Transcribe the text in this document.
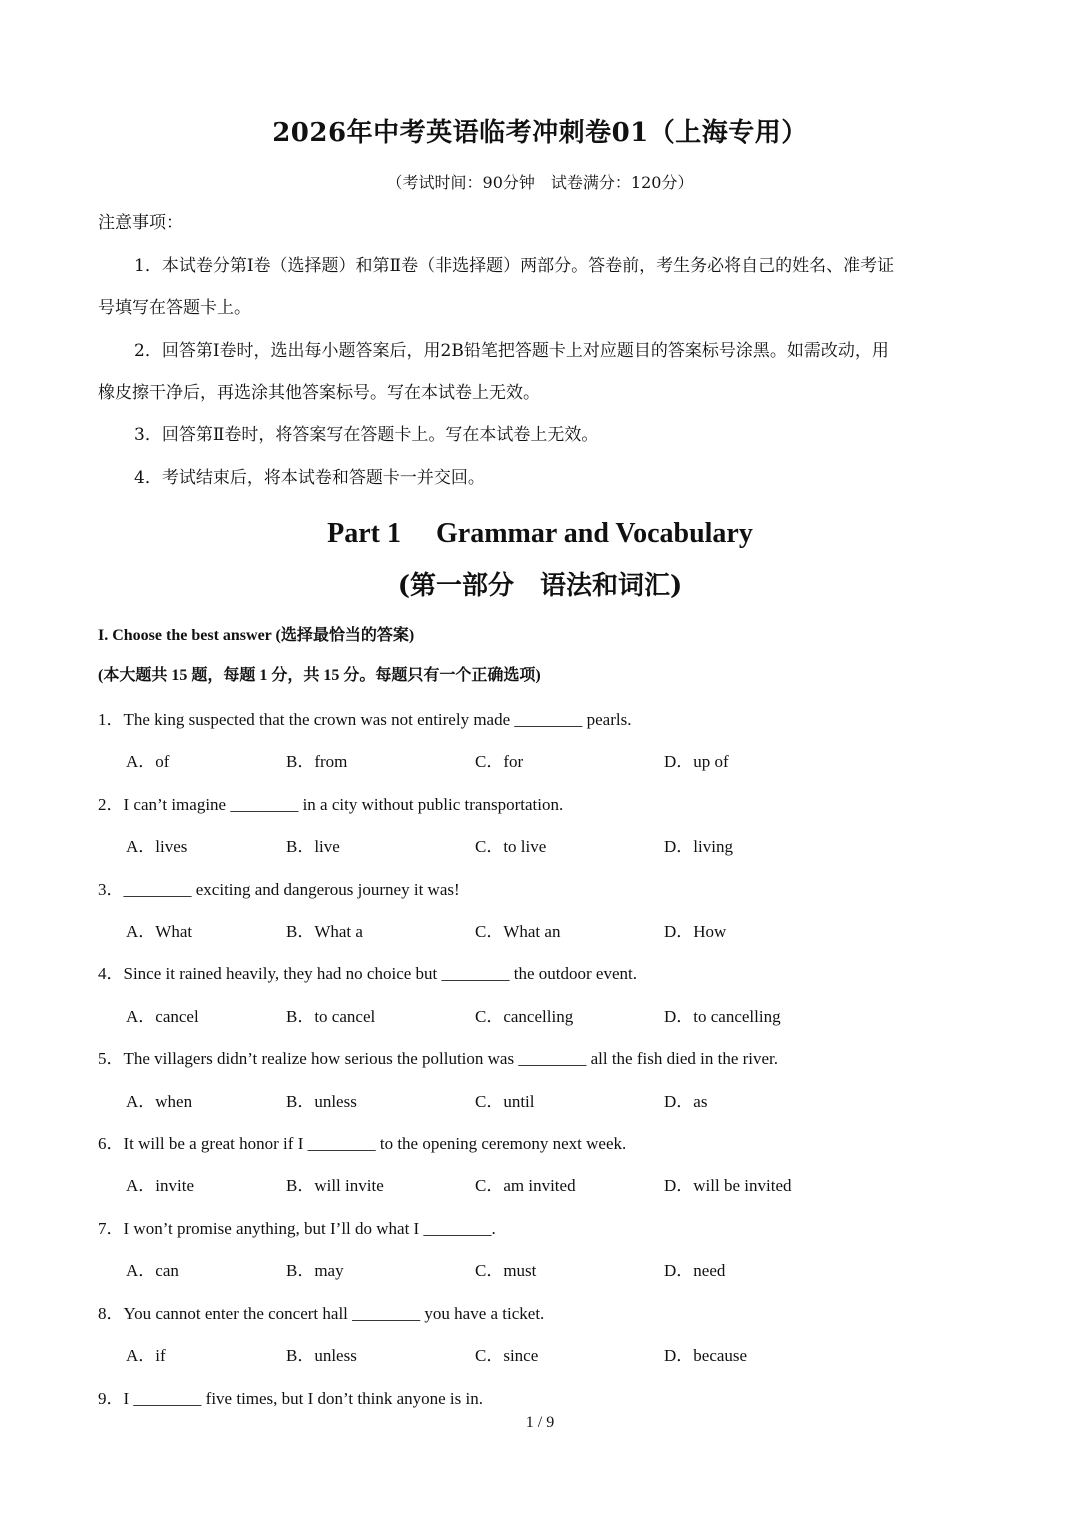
2026年中考英语临考冲刺卷01（上海专用）
（考试时间：90分钟　试卷满分：120分）
注意事项：
1．本试卷分第Ⅰ卷（选择题）和第Ⅱ卷（非选择题）两部分。答卷前，考生务必将自己的姓名、准考证
号填写在答题卡上。
2．回答第Ⅰ卷时，选出每小题答案后，用2B铅笔把答题卡上对应题目的答案标号涂黑。如需改动，用
橡皮擦干净后，再选涂其他答案标号。写在本试卷上无效。
3．回答第Ⅱ卷时，将答案写在答题卡上。写在本试卷上无效。
4．考试结束后，将本试卷和答题卡一并交回。
Part 1　 Grammar and Vocabulary
(第一部分　语法和词汇)
I. Choose the best answer (选择最恰当的答案)
(本大题共 15 题，每题 1 分，共 15 分。每题只有一个正确选项)
1．The king suspected that the crown was not entirely made ________ pearls.
A．of	B．from	C．for	D．up of
2．I can’t imagine ________ in a city without public transportation.
A．lives	B．live	C．to live	D．living
3．________ exciting and dangerous journey it was!
A．What	B．What a	C．What an	D．How
4．Since it rained heavily, they had no choice but ________ the outdoor event.
A．cancel	B．to cancel	C．cancelling	D．to cancelling
5．The villagers didn’t realize how serious the pollution was ________ all the fish died in the river.
A．when	B．unless	C．until	D．as
6．It will be a great honor if I ________ to the opening ceremony next week.
A．invite	B．will invite	C．am invited	D．will be invited
7．I won’t promise anything, but I’ll do what I ________.
A．can	B．may	C．must	D．need
8．You cannot enter the concert hall ________ you have a ticket.
A．if	B．unless	C．since	D．because
9．I ________ five times, but I don’t think anyone is in.
1 / 9
